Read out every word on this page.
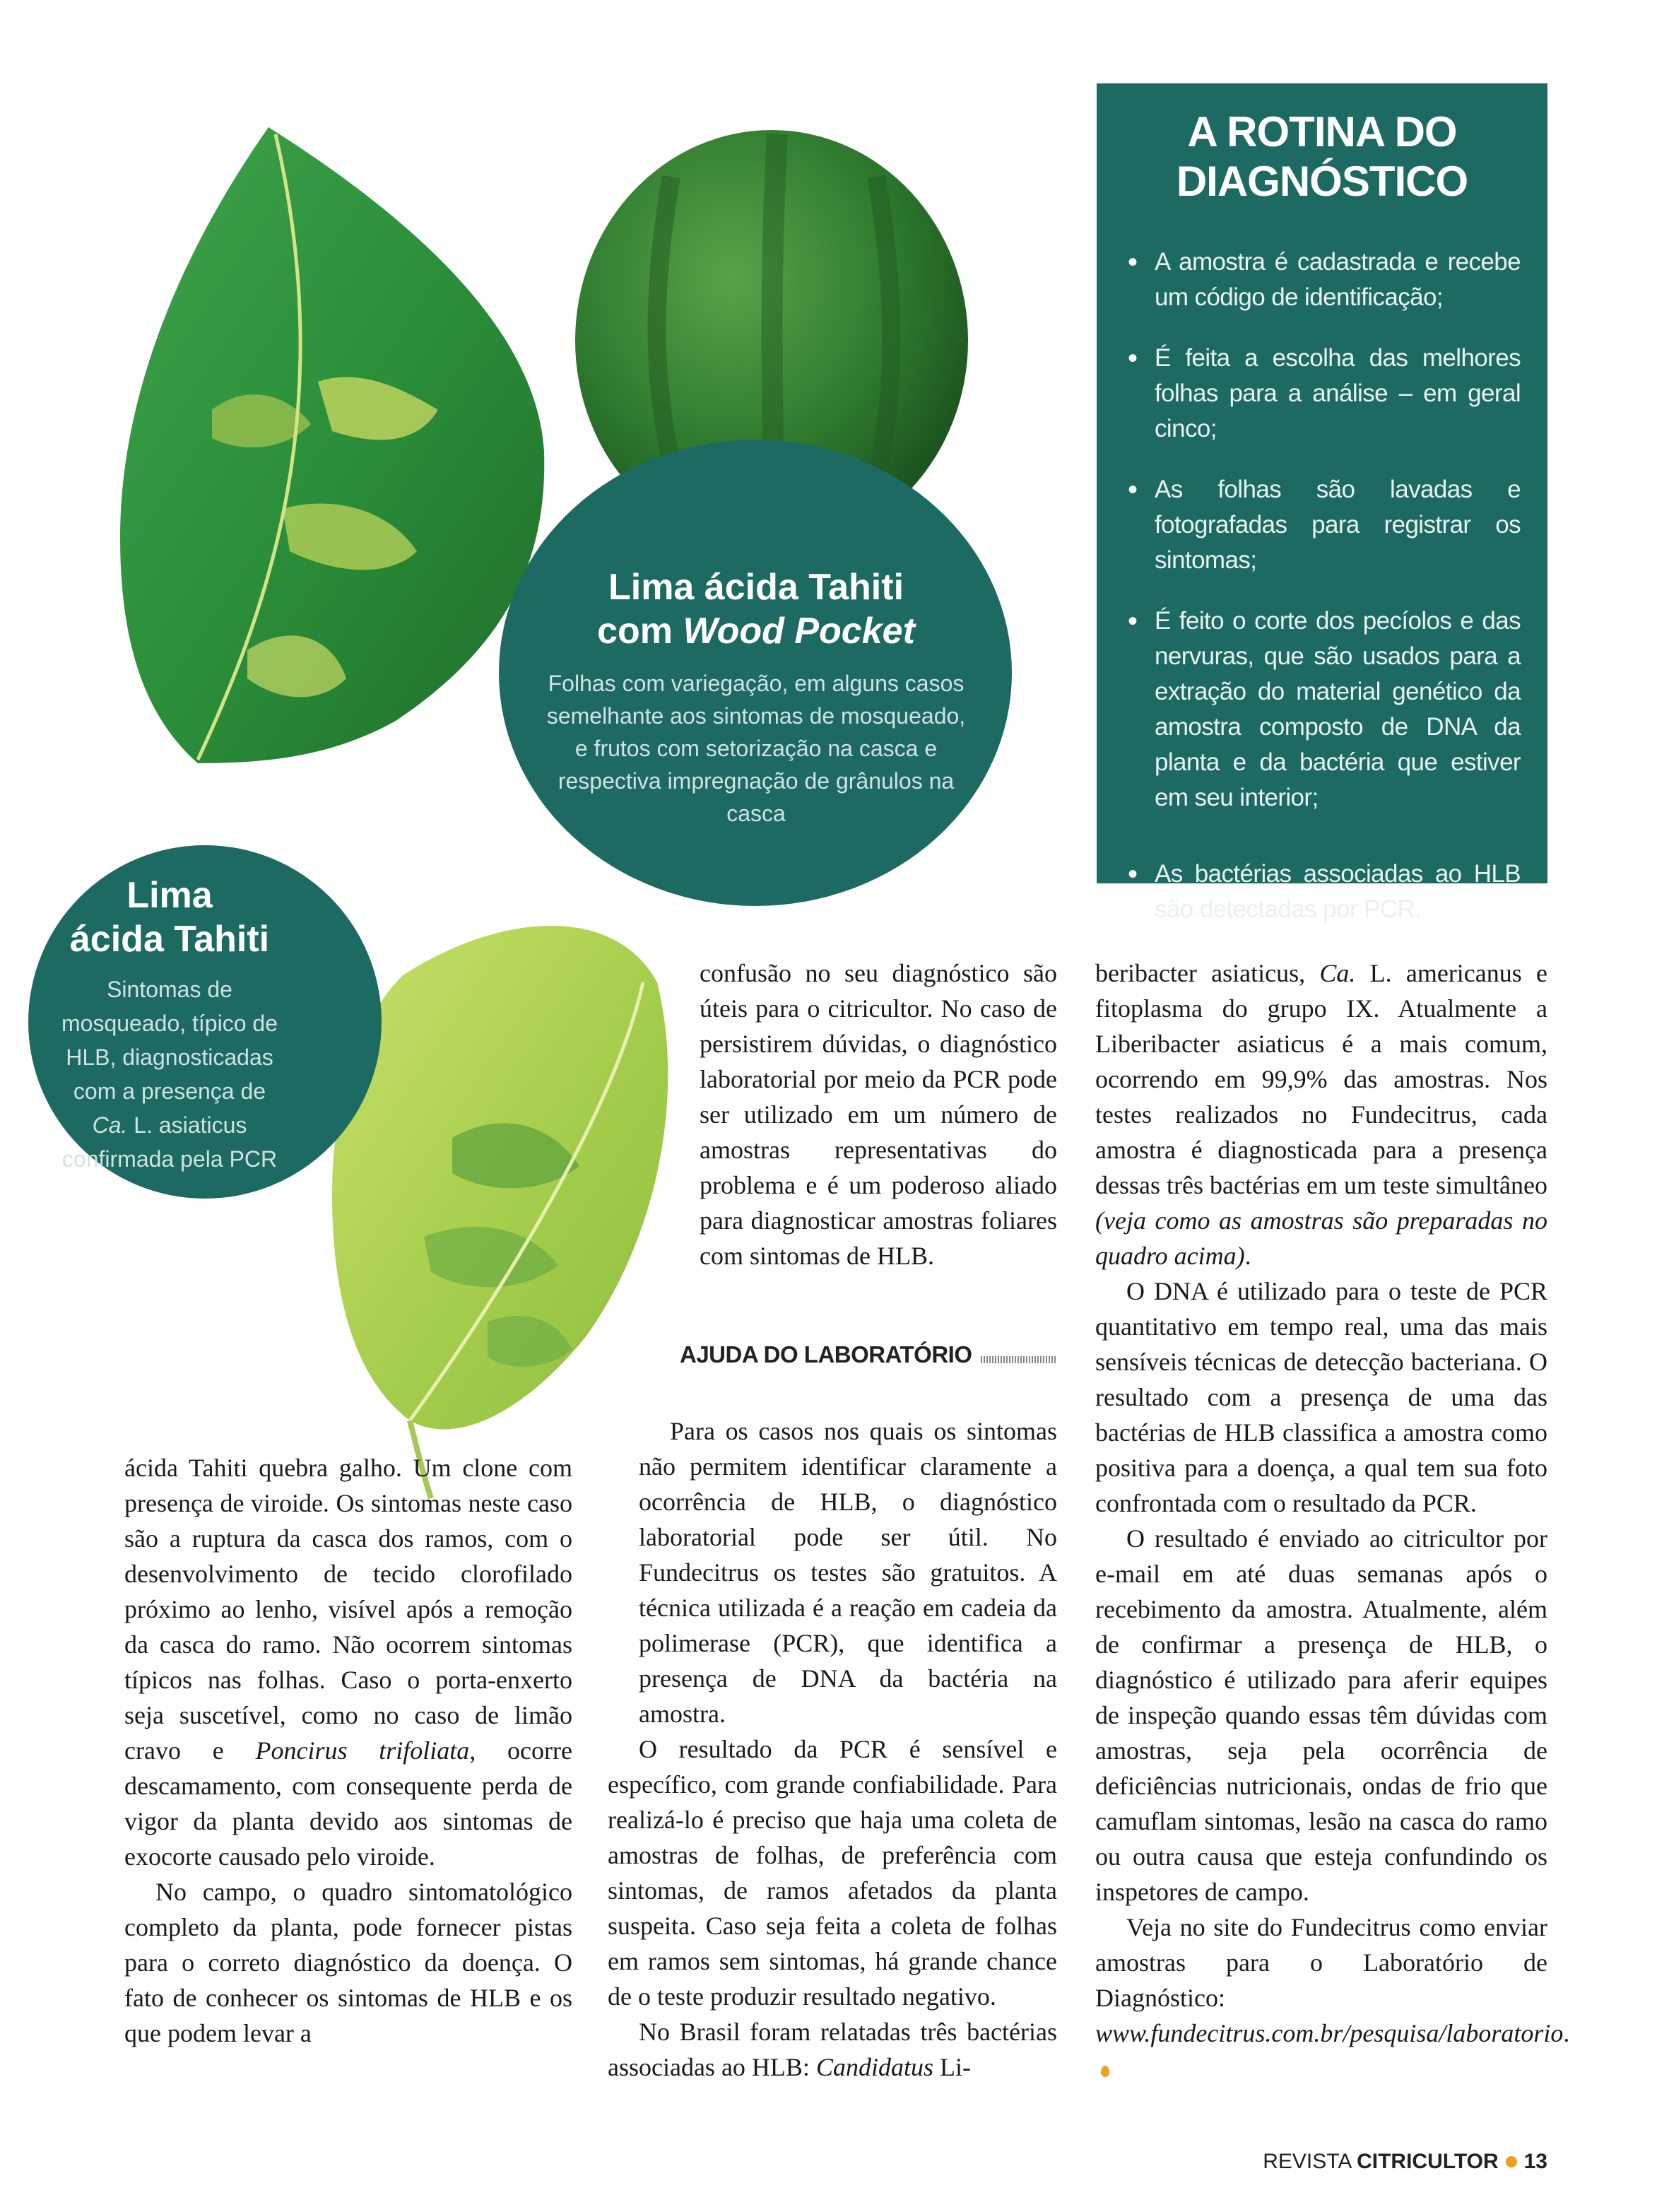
Lima ácida Tahiti
com Wood Pocket
Folhas com variegação, em alguns casos semelhante aos sintomas de mosqueado, e frutos com setorização na casca e respectiva impregnação de grânulos na casca
Lima
ácida Tahiti
Sintomas de mosqueado, típico de HLB, diagnosticadas com a presença de Ca. L. asiaticus confirmada pela PCR
A ROTINA DO
DIAGNÓSTICO
• A amostra é cadastrada e recebe um código de identificação;
• É feita a escolha das melhores folhas para a análise – em geral cinco;
• As folhas são lavadas e fotografadas para registrar os sintomas;
• É feito o corte dos pecíolos e das nervuras, que são usados para a extração do material genético da amostra composto de DNA da planta e da bactéria que estiver em seu interior;
• As bactérias associadas ao HLB são detectadas por PCR.

ácida Tahiti quebra galho. Um clone com presença de viroide. Os sintomas neste caso são a ruptura da casca dos ramos, com o desenvolvimento de tecido clorofilado próximo ao lenho, visível após a remoção da casca do ramo. Não ocorrem sintomas típicos nas folhas. Caso o porta-enxerto seja suscetível, como no caso de limão cravo e Poncirus trifoliata, ocorre descamamento, com consequente perda de vigor da planta devido aos sintomas de exocorte causado pelo viroide.

No campo, o quadro sintomatológico completo da planta, pode fornecer pistas para o correto diagnóstico da doença. O fato de conhecer os sintomas de HLB e os que podem levar a

confusão no seu diagnóstico são úteis para o citricultor. No caso de persistirem dúvidas, o diagnóstico laboratorial por meio da PCR pode ser utilizado em um número de amostras representativas do problema e é um poderoso aliado para diagnosticar amostras foliares com sintomas de HLB.

AJUDA DO LABORATÓRIO

Para os casos nos quais os sintomas não permitem identificar claramente a ocorrência de HLB, o diagnóstico laboratorial pode ser útil. No Fundecitrus os testes são gratuitos. A técnica utilizada é a reação em cadeia da polimerase (PCR), que identifica a presença de DNA da bactéria na amostra.

O resultado da PCR é sensível e específico, com grande confiabilidade. Para realizá-lo é preciso que haja uma coleta de amostras de folhas, de preferência com sintomas, de ramos afetados da planta suspeita. Caso seja feita a coleta de folhas em ramos sem sintomas, há grande chance de o teste produzir resultado negativo.

No Brasil foram relatadas três bactérias associadas ao HLB: Candidatus Li-

beribacter asiaticus, Ca. L. americanus e fitoplasma do grupo IX. Atualmente a Liberibacter asiaticus é a mais comum, ocorrendo em 99,9% das amostras. Nos testes realizados no Fundecitrus, cada amostra é diagnosticada para a presença dessas três bactérias em um teste simultâneo (veja como as amostras são preparadas no quadro acima).

O DNA é utilizado para o teste de PCR quantitativo em tempo real, uma das mais sensíveis técnicas de detecção bacteriana. O resultado com a presença de uma das bactérias de HLB classifica a amostra como positiva para a doença, a qual tem sua foto confrontada com o resultado da PCR.

O resultado é enviado ao citricultor por e-mail em até duas semanas após o recebimento da amostra. Atualmente, além de confirmar a presença de HLB, o diagnóstico é utilizado para aferir equipes de inspeção quando essas têm dúvidas com amostras, seja pela ocorrência de deficiências nutricionais, ondas de frio que camuflam sintomas, lesão na casca do ramo ou outra causa que esteja confundindo os inspetores de campo.

Veja no site do Fundecitrus como enviar amostras para o Laboratório de Diagnóstico: www.fundecitrus.com.br/pesquisa/laboratorio.

REVISTA CITRICULTOR 13
